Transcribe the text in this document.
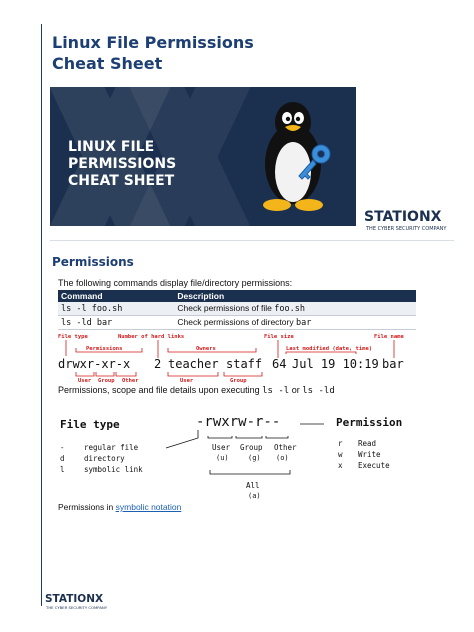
Linux File Permissions
Cheat Sheet
LINUX FILE
PERMISSIONS
CHEAT SHEET
STATIONX
THE CYBER SECURITY COMPANY
Permissions
The following commands display file/directory permissions:
Command	Description
ls -l foo.sh	Check permissions of file foo.sh
ls -ld bar	Check permissions of directory bar
File type	Number of hard links	File size	File name
Permissions	Owners	Last modified (date, time)
User Group Other	User	Group
drwxr-xr-x 2 teacher staff 64 Jul 19 10:19 bar
Permissions, scope and file details upon executing ls -l or ls -ld
File type
-	regular file
d	directory
l	symbolic link
-rwxrw-r--
User
(u)
Group
(g)
Other
(o)
All
(a)
Permission
r Read
w Write
x Execute
Permissions in symbolic notation
STATIONX
THE CYBER SECURITY COMPANY
